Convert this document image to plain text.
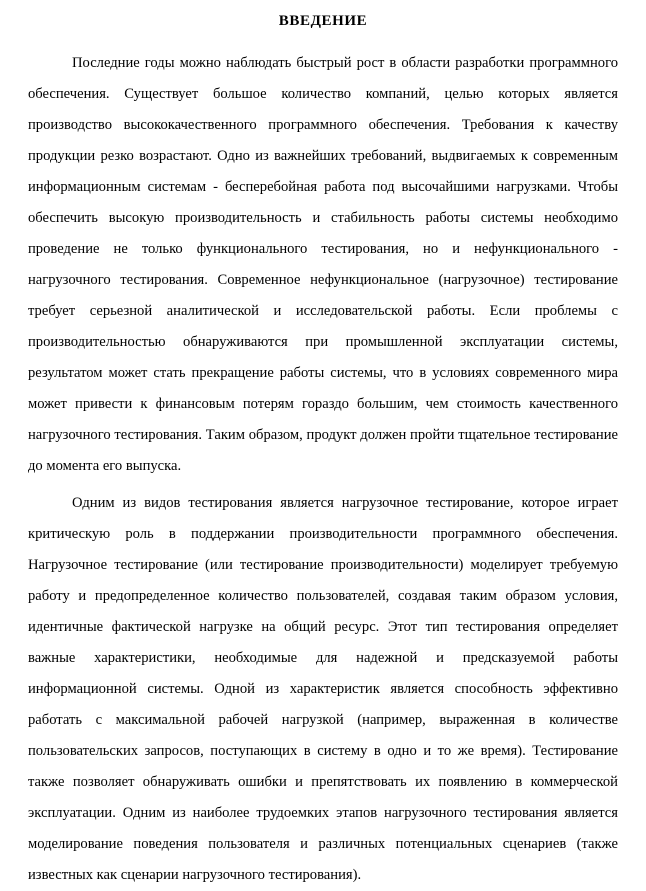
ВВЕДЕНИЕ

Последние годы можно наблюдать быстрый рост в области разработки программного обеспечения. Существует большое количество компаний, целью которых является производство высококачественного программного обеспечения. Требования к качеству продукции резко возрастают. Одно из важнейших требований, выдвигаемых к современным информационным системам - бесперебойная работа под высочайшими нагрузками. Чтобы обеспечить высокую производительность и стабильность работы системы необходимо проведение не только функционального тестирования, но и нефункционального - нагрузочного тестирования. Современное нефункциональное (нагрузочное) тестирование требует серьезной аналитической и исследовательской работы. Если проблемы с производительностью обнаруживаются при промышленной эксплуатации системы, результатом может стать прекращение работы системы, что в условиях современного мира может привести к финансовым потерям гораздо большим, чем стоимость качественного нагрузочного тестирования. Таким образом, продукт должен пройти тщательное тестирование до момента его выпуска.

Одним из видов тестирования является нагрузочное тестирование, которое играет критическую роль в поддержании производительности программного обеспечения. Нагрузочное тестирование (или тестирование производительности) моделирует требуемую работу и предопределенное количество пользователей, создавая таким образом условия, идентичные фактической нагрузке на общий ресурс. Этот тип тестирования определяет важные характеристики, необходимые для надежной и предсказуемой работы информационной системы. Одной из характеристик является способность эффективно работать с максимальной рабочей нагрузкой (например, выраженная в количестве пользовательских запросов, поступающих в систему в одно и то же время). Тестирование также позволяет обнаруживать ошибки и препятствовать их появлению в коммерческой эксплуатации. Одним из наиболее трудоемких этапов нагрузочного тестирования является моделирование поведения пользователя и различных потенциальных сценариев (также известных как сценарии нагрузочного тестирования).
